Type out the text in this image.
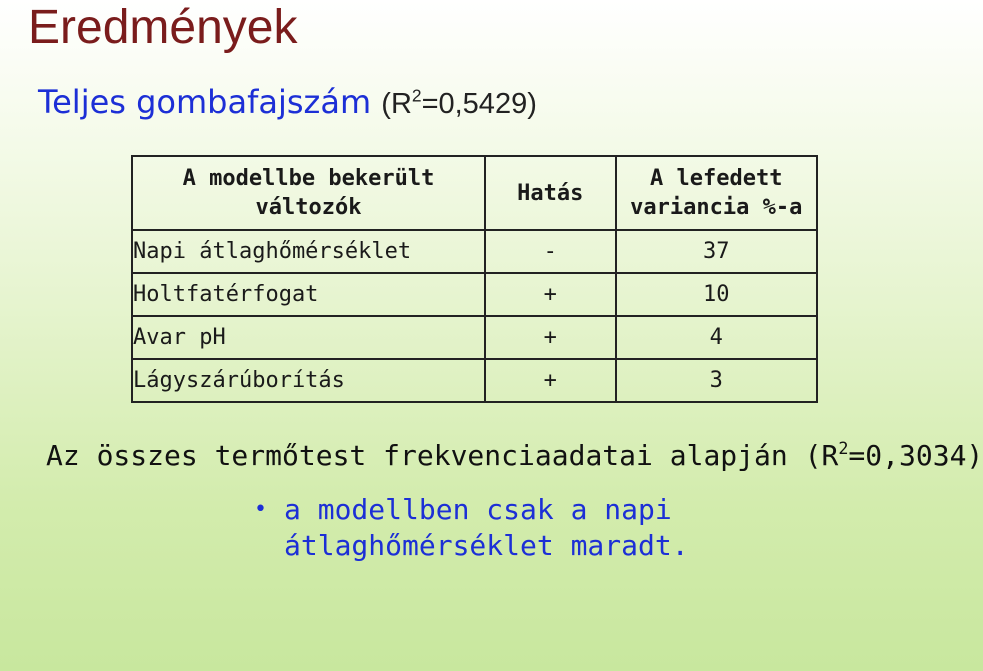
Eredmények
Teljes gombafajszám $(R^2=0,5429)$
A modellbe bekerült változók	Hatás	A lefedett variancia %-a
Napi átlaghőmérséklet	-	37
Holtfatérfogat	+	10
Avar pH	+	4
Lágyszárúborítás	+	3
Az összes termőtest frekvenciaadatai alapján $(R^2=0,3034)$
• a modellben csak a napi átlaghőmérséklet maradt.
